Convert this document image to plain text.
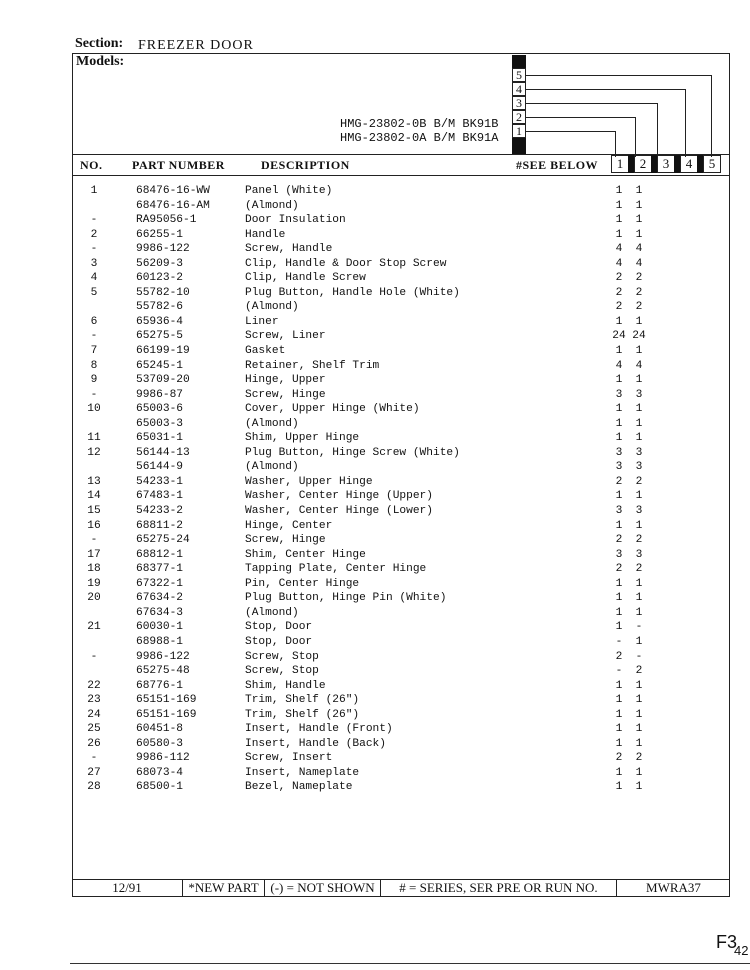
Section: FREEZER DOOR
Models:
HMG-23802-0B B/M BK91B
HMG-23802-0A B/M BK91A
5
4
3
2
1
NO. PART NUMBER	DESCRIPTION	#SEE BELOW	1	2	3	4	5
1	68476-16-WW	Panel (White) -----	1	1
68476-16-AM	(Almond) -----	1	1
-	RA95056-1	Door Insulation -----	1	1
2	66255-1	Handle -----	1	1
-	9986-122	Screw, Handle -----	4	4
3	56209-3	Clip, Handle & Door Stop Screw -----	4	4
4	60123-2	Clip, Handle Screw -----	2	2
5	55782-10	Plug Button, Handle Hole (White) -----	2	2
55782-6	(Almond) -----	2	2
6	65936-4	Liner -----	1	1
-	65275-5	Screw, Liner -----	24 24
7	66199-19	Gasket -----	1	1
8	65245-1	Retainer, Shelf Trim -----	4	4
9	53709-20	Hinge, Upper -----	1	1
-	9986-87	Screw, Hinge -----	3	3
10	65003-6	Cover, Upper Hinge (White) -----	1	1
65003-3	(Almond) -----	1	1
11	65031-1	Shim, Upper Hinge -----	1	1
12	56144-13	Plug Button, Hinge Screw (White) -----	3	3
56144-9	(Almond) -----	3	3
13	54233-1	Washer, Upper Hinge -----	2	2
14	67483-1	Washer, Center Hinge (Upper) -----	1	1
15	54233-2	Washer, Center Hinge (Lower) -----	3	3
16	68811-2	Hinge, Center -----	1	1
-	65275-24	Screw, Hinge -----	2	2
17	68812-1	Shim, Center Hinge -----	3	3
18	68377-1	Tapping Plate, Center Hinge -----	2	2
19	67322-1	Pin, Center Hinge -----	1	1
20	67634-2	Plug Button, Hinge Pin (White) -----	1	1
67634-3	(Almond) -----	1	1
21	60030-1	Stop, Door -----	1	-
68988-1	Stop, Door -----	-	1
-	9986-122	Screw, Stop -----	2	-
65275-48	Screw, Stop -----	-	2
22	68776-1	Shim, Handle -----	1	1
23	65151-169	Trim, Shelf (26") -----	1	1
24	65151-169	Trim, Shelf (26") -----	1	1
25	60451-8	Insert, Handle (Front) -----	1	1
26	60580-3	Insert, Handle (Back) -----	1	1
-	9986-112	Screw, Insert -----	2	2
27	68073-4	Insert, Nameplate -----	1	1
28	68500-1	Bezel, Nameplate -----	1	1
12/91	*NEW PART (-) = NOT SHOWN	# = SERIES, SER PRE OR RUN NO.	MWRA37
F3
42
